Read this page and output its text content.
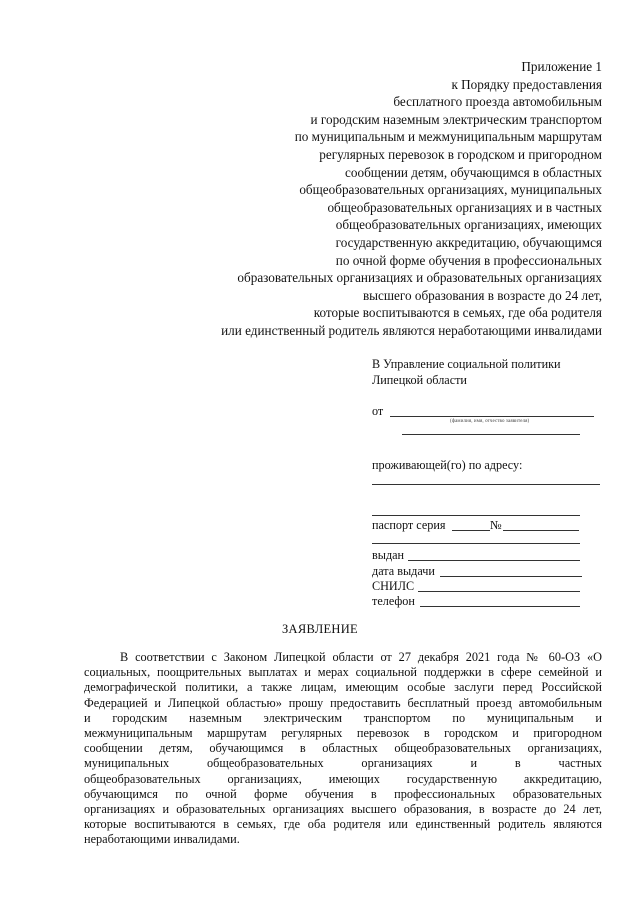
Приложение 1
к Порядку предоставления
бесплатного проезда автомобильным
и городским наземным электрическим транспортом
по муниципальным и межмуниципальным маршрутам
регулярных перевозок в городском и пригородном
сообщении детям, обучающимся в областных
общеобразовательных организациях, муниципальных
общеобразовательных организациях и в частных
общеобразовательных организациях, имеющих
государственную аккредитацию, обучающимся
по очной форме обучения в профессиональных
образовательных организациях и образовательных организациях
высшего образования в возрасте до 24 лет,
которые воспитываются в семьях, где оба родителя
или единственный родитель являются неработающими инвалидами
В Управление социальной политики
Липецкой области
от
(фамилия, имя, отчество заявителя)
проживающей(го) по адресу:
паспорт серия	№
выдан
дата выдачи
СНИЛС
телефон
ЗАЯВЛЕНИЕ
В соответствии с Законом Липецкой области от 27 декабря 2021 года № 60-ОЗ «О
социальных, поощрительных выплатах и мерах социальной поддержки в сфере семейной и
демографической политики, а также лицам, имеющим особые заслуги перед Российской
Федерацией и Липецкой областью» прошу предоставить бесплатный проезд автомобильным
и городским наземным электрическим транспортом по муниципальным и
межмуниципальным маршрутам регулярных перевозок в городском и пригородном
сообщении детям, обучающимся в областных общеобразовательных организациях,
муниципальных общеобразовательных организациях и в частных
общеобразовательных организациях, имеющих государственную аккредитацию,
обучающимся по очной форме обучения в профессиональных образовательных
организациях и образовательных организациях высшего образования, в возрасте до 24 лет,
которые воспитываются в семьях, где оба родителя или единственный родитель являются
неработающими инвалидами.
